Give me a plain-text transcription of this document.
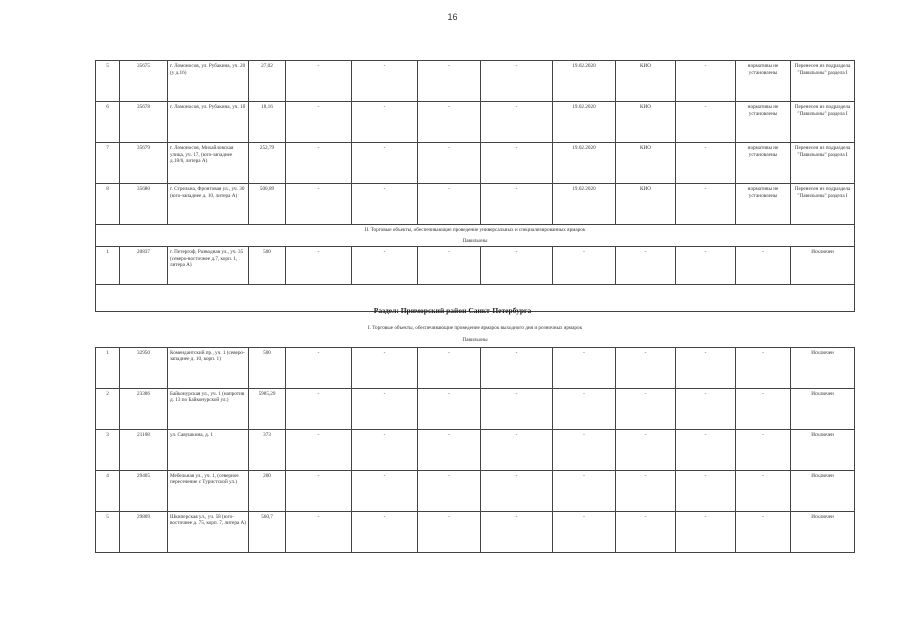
16
5	35675	г. Ломоносов, ул. Рубакина, уч. 20 (у д.16)	27,02	-	-	-	-	19.02.2020	КИО	-	нормативы не установлены	Перенесен из подраздела "Павильоны" раздела I
6	35678	г. Ломоносов, ул. Рубакина, уч. 1б	18,16	-	-	-	-	19.02.2020	КИО	-	нормативы не установлены	Перенесен из подраздела "Павильоны" раздела I
7	35679	г. Ломоносов, Михайловская улица, уч. 17, (юго-западнее д.18/6, литера А)	252,79	-	-	-	-	19.02.2020	КИО	-	нормативы не установлены	Перенесен из подраздела "Павильоны" раздела I
8	35680	г. Стрельна, Фронтовая ул., уч. 30 (юго-западнее д. 10, литера А)	500,89	-	-	-	-	19.02.2020	КИО	-	нормативы не установлены	Перенесен из подраздела "Павильоны" раздела I
II. Торговые объекты, обеспечивающие проведение универсальных и специализированных ярмарок												
Павильоны												
1	20837	г. Петергоф, Разводная ул., уч. 35 (северо-восточнее д.7, корп. 1, литера А)	500	-	-	-	-	-	-	-	-	Исключен

Раздел: Приморский район Санкт-Петербурга
I. Торговые объекты, обеспечивающие проведение ярмарок выходного дня и розничных ярмарок												
Павильоны												
1	32950	Комендантский пр., уч. 1 (северо-западнее д. 10, корп. 1)	500	-	-	-	-	-	-	-	-	Исключен
2	23386	Байконурская ул., уч. 1 (напротив д. 13 по Байконурской ул.)	5985,29	-	-	-	-	-	-	-	-	Исключен
3	21108	ул. Савушкина, д. 1	373	-	-	-	-	-	-	-	-	Исключен
4	29405	Мебельная ул., уч. 1, (северное пересечение с Туристской ул.)	200	-	-	-	-	-	-	-	-	Исключен
5	29809	Шкиперская ул., уч. 58 (юго-восточнее д. 75, корп. 7, литера А)	560,7	-	-	-	-	-	-	-	-	Исключен
